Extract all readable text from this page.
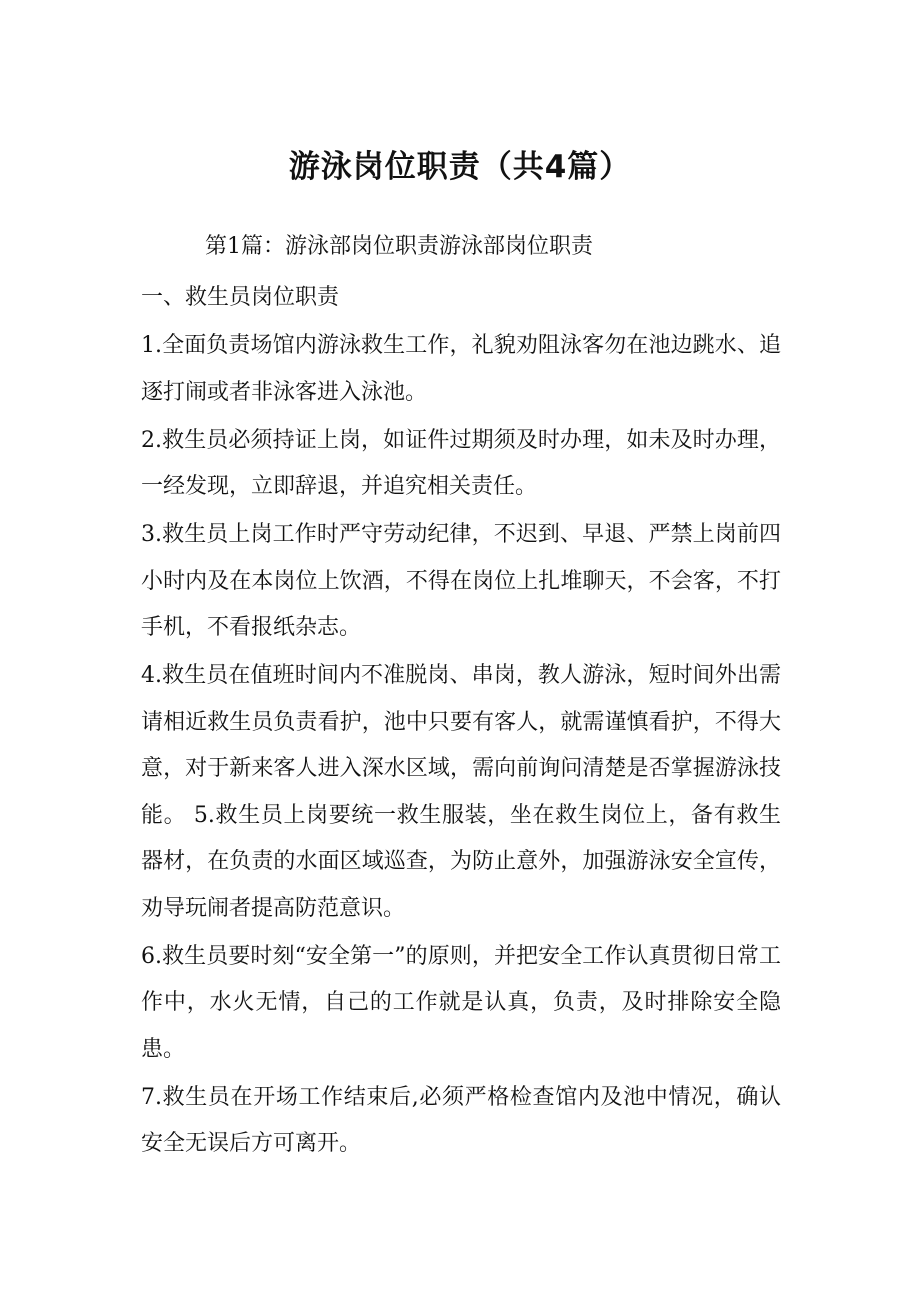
游泳岗位职责（共4篇）

第1篇：游泳部岗位职责游泳部岗位职责

一、救生员岗位职责

1.全面负责场馆内游泳救生工作，礼貌劝阻泳客勿在池边跳水、追逐打闹或者非泳客进入泳池。

2.救生员必须持证上岗，如证件过期须及时办理，如未及时办理，一经发现，立即辞退，并追究相关责任。

3.救生员上岗工作时严守劳动纪律，不迟到、早退、严禁上岗前四小时内及在本岗位上饮酒，不得在岗位上扎堆聊天，不会客，不打手机，不看报纸杂志。

4.救生员在值班时间内不准脱岗、串岗，教人游泳，短时间外出需请相近救生员负责看护，池中只要有客人，就需谨慎看护，不得大意，对于新来客人进入深水区域，需向前询问清楚是否掌握游泳技能。 5.救生员上岗要统一救生服装，坐在救生岗位上，备有救生器材，在负责的水面区域巡查，为防止意外，加强游泳安全宣传，劝导玩闹者提高防范意识。

6.救生员要时刻“安全第一”的原则，并把安全工作认真贯彻日常工作中，水火无情，自己的工作就是认真，负责，及时排除安全隐患。

7.救生员在开场工作结束后,必须严格检查馆内及池中情况，确认安全无误后方可离开。
